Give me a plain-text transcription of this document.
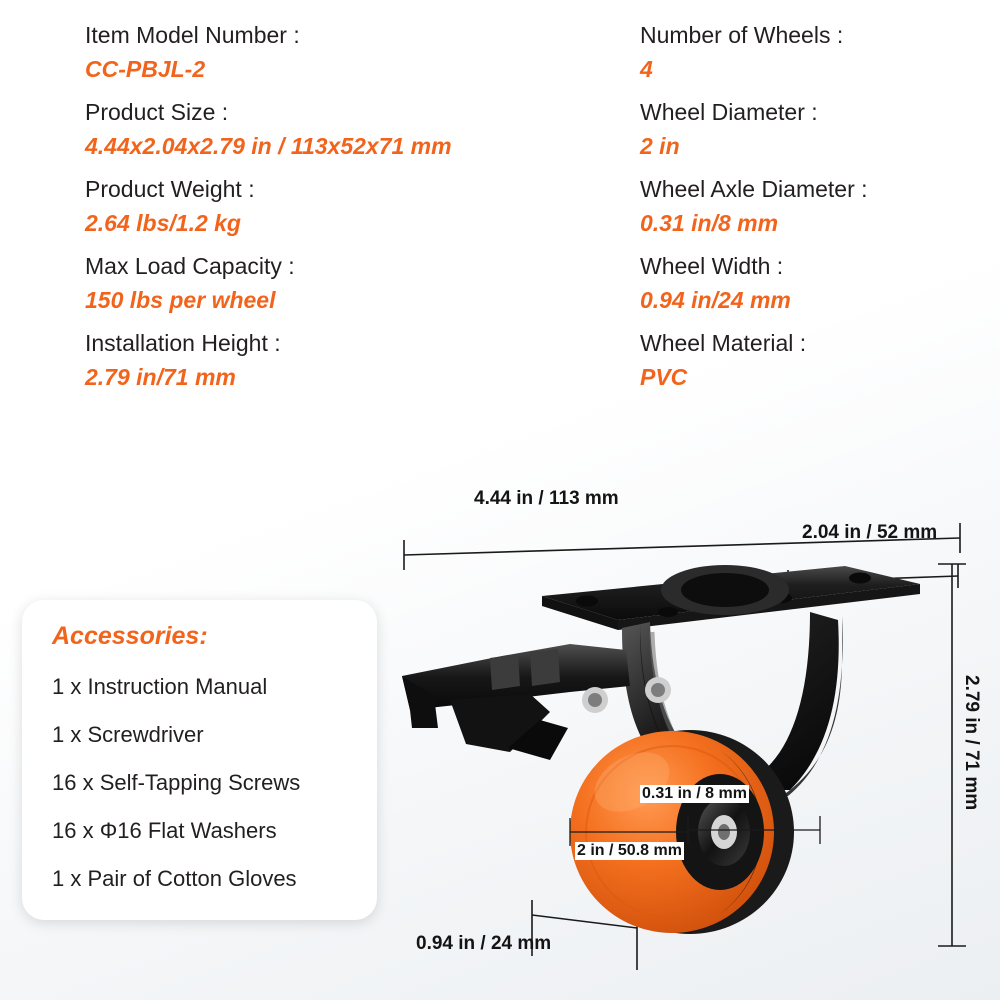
Item Model Number :
CC-PBJL-2
Product Size :
4.44x2.04x2.79 in / 113x52x71 mm
Product Weight :
2.64 lbs/1.2 kg
Max Load Capacity :
150 lbs per wheel
Installation Height :
2.79 in/71 mm
Number of Wheels :
4
Wheel Diameter :
2 in
Wheel Axle Diameter :
0.31 in/8 mm
Wheel Width :
0.94 in/24 mm
Wheel Material :
PVC
Accessories:
1 x Instruction Manual
1 x Screwdriver
16 x Self-Tapping Screws
16 x Φ16 Flat Washers
1 x Pair of Cotton Gloves
4.44 in / 113 mm
2.04 in / 52 mm
2.79 in / 71 mm
0.31 in / 8 mm
2 in / 50.8 mm
0.94 in / 24 mm
